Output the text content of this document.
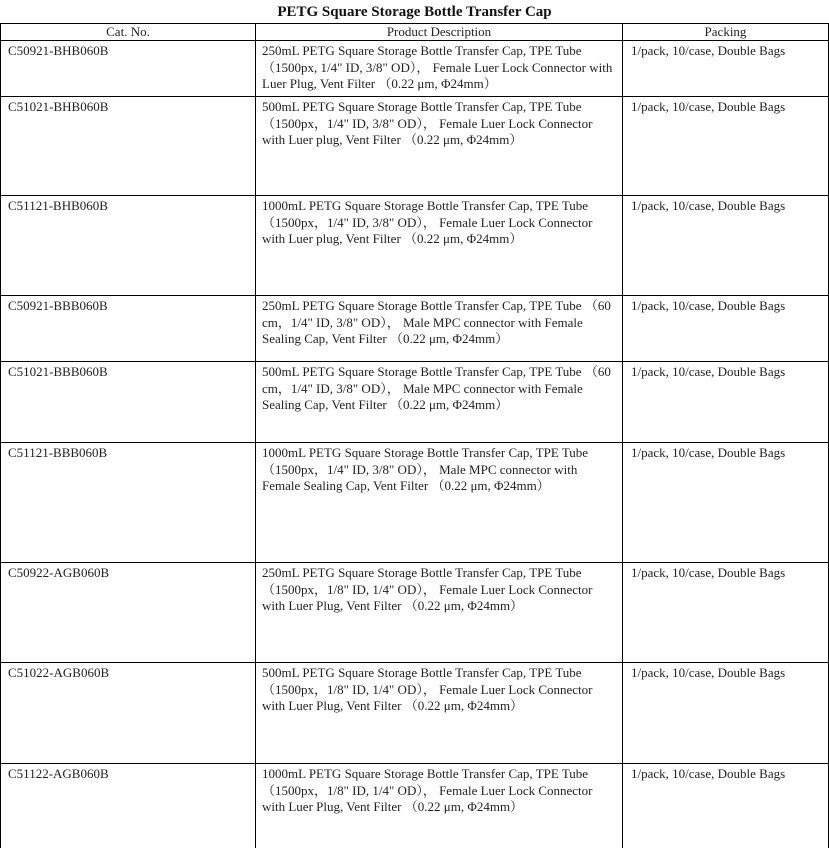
PETG Square Storage Bottle Transfer Cap
Cat. No.	Product Description	Packing
C50921-BHB060B	250mL PETG Square Storage Bottle Transfer Cap, TPE Tube （1500px, 1/4" ID, 3/8" OD）， Female Luer Lock Connector with Luer Plug, Vent Filter （0.22 μm, Φ24mm）	1/pack, 10/case, Double Bags
C51021-BHB060B	500mL PETG Square Storage Bottle Transfer Cap, TPE Tube （1500px，1/4" ID, 3/8" OD）， Female Luer Lock Connector with Luer plug, Vent Filter （0.22 μm, Φ24mm）	1/pack, 10/case, Double Bags
C51121-BHB060B	1000mL PETG Square Storage Bottle Transfer Cap, TPE Tube （1500px，1/4" ID, 3/8" OD）， Female Luer Lock Connector with Luer plug, Vent Filter （0.22 μm, Φ24mm）	1/pack, 10/case, Double Bags
C50921-BBB060B	250mL PETG Square Storage Bottle Transfer Cap, TPE Tube （60 cm，1/4" ID, 3/8" OD）， Male MPC connector with Female Sealing Cap, Vent Filter （0.22 μm, Φ24mm）	1/pack, 10/case, Double Bags
C51021-BBB060B	500mL PETG Square Storage Bottle Transfer Cap, TPE Tube （60 cm，1/4" ID, 3/8" OD）， Male MPC connector with Female Sealing Cap, Vent Filter （0.22 μm, Φ24mm）	1/pack, 10/case, Double Bags
C51121-BBB060B	1000mL PETG Square Storage Bottle Transfer Cap, TPE Tube （1500px，1/4" ID, 3/8" OD）， Male MPC connector with Female Sealing Cap, Vent Filter （0.22 μm, Φ24mm）	1/pack, 10/case, Double Bags
C50922-AGB060B	250mL PETG Square Storage Bottle Transfer Cap, TPE Tube （1500px，1/8" ID, 1/4" OD）， Female Luer Lock Connector with Luer Plug, Vent Filter （0.22 μm, Φ24mm）	1/pack, 10/case, Double Bags
C51022-AGB060B	500mL PETG Square Storage Bottle Transfer Cap, TPE Tube （1500px，1/8" ID, 1/4" OD）， Female Luer Lock Connector with Luer Plug, Vent Filter （0.22 μm, Φ24mm）	1/pack, 10/case, Double Bags
C51122-AGB060B	1000mL PETG Square Storage Bottle Transfer Cap, TPE Tube （1500px，1/8" ID, 1/4" OD）， Female Luer Lock Connector with Luer Plug, Vent Filter （0.22 μm, Φ24mm）	1/pack, 10/case, Double Bags
